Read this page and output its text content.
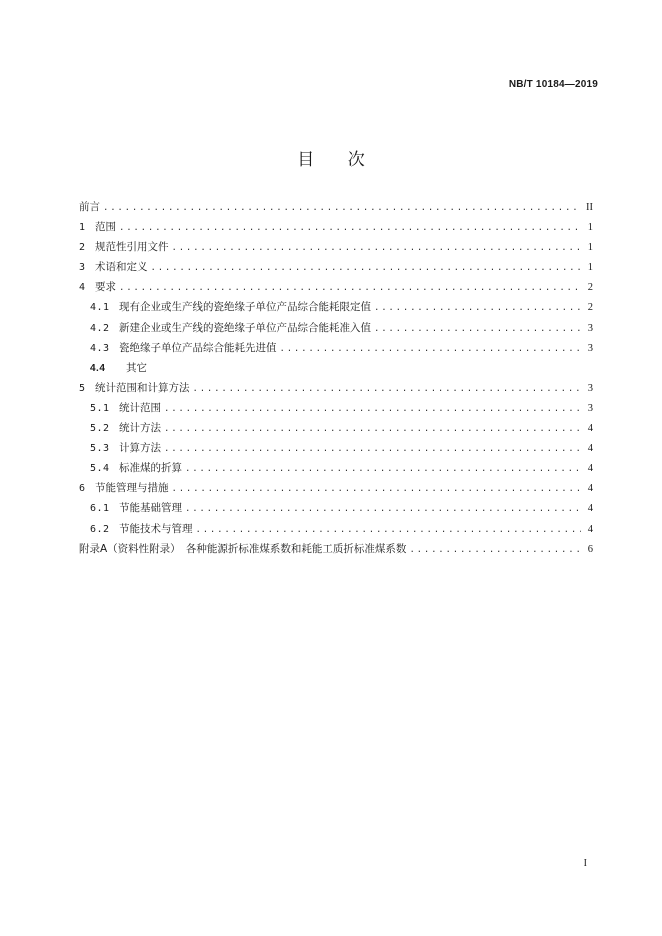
NB/T 10184—2019
目 次
前言 .....	II
1 范围 .....	1
2 规范性引用文件 .....	1
3 术语和定义 .....	1
4 要求 .....	2
4.1 现有企业或生产线的瓷绝缘子单位产品综合能耗限定值 .....	2
4.2 新建企业或生产线的瓷绝缘子单位产品综合能耗准入值 .....	3
4.3 瓷绝缘子单位产品综合能耗先进值 .....	3
4.4	其它
5 统计范围和计算方法 .....	3
5.1 统计范围 .....	3
5.2 统计方法 .....	4
5.3 计算方法 .....	4
5.4 标准煤的折算 .....	4
6 节能管理与措施 .....	4
6.1 节能基础管理 .....	4
6.2 节能技术与管理 .....	4
附录A（资料性附录）　各种能源折标准煤系数和耗能工质折标准煤系数 .....	6
I
